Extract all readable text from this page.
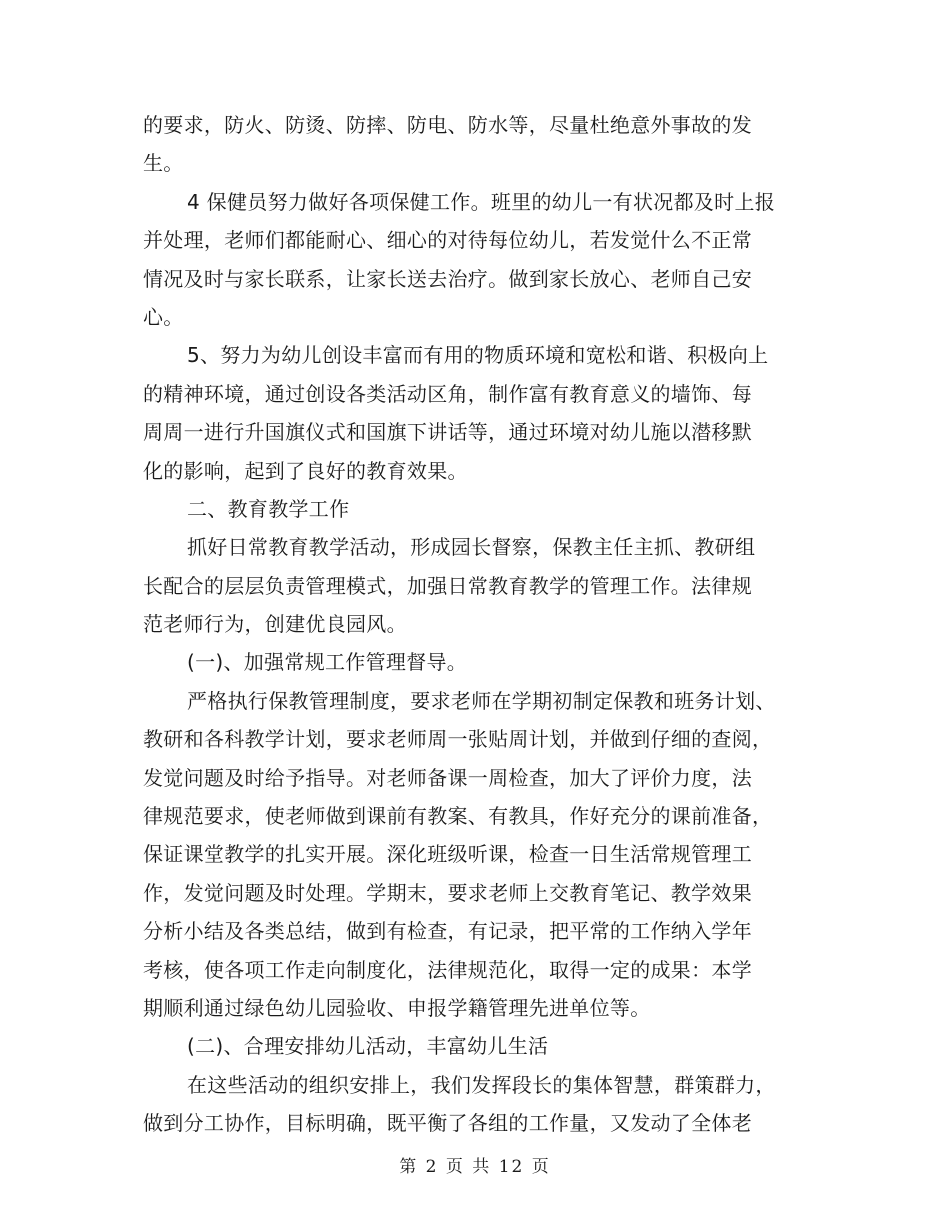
的要求，防火、防烫、防摔、防电、防水等，尽量杜绝意外事故的发
生。
4 保健员努力做好各项保健工作。班里的幼儿一有状况都及时上报
并处理，老师们都能耐心、细心的对待每位幼儿，若发觉什么不正常
情况及时与家长联系，让家长送去治疗。做到家长放心、老师自己安
心。
5、努力为幼儿创设丰富而有用的物质环境和宽松和谐、积极向上
的精神环境，通过创设各类活动区角，制作富有教育意义的墙饰、每
周周一进行升国旗仪式和国旗下讲话等，通过环境对幼儿施以潜移默
化的影响，起到了良好的教育效果。
二、教育教学工作
抓好日常教育教学活动，形成园长督察，保教主任主抓、教研组
长配合的层层负责管理模式，加强日常教育教学的管理工作。法律规
范老师行为，创建优良园风。
(一)、加强常规工作管理督导。
严格执行保教管理制度，要求老师在学期初制定保教和班务计划、
教研和各科教学计划，要求老师周一张贴周计划，并做到仔细的查阅，
发觉问题及时给予指导。对老师备课一周检查，加大了评价力度，法
律规范要求，使老师做到课前有教案、有教具，作好充分的课前准备，
保证课堂教学的扎实开展。深化班级听课，检查一日生活常规管理工
作，发觉问题及时处理。学期末，要求老师上交教育笔记、教学效果
分析小结及各类总结，做到有检查，有记录，把平常的工作纳入学年
考核，使各项工作走向制度化，法律规范化，取得一定的成果：本学
期顺利通过绿色幼儿园验收、申报学籍管理先进单位等。
(二)、合理安排幼儿活动，丰富幼儿生活
在这些活动的组织安排上，我们发挥段长的集体智慧，群策群力，
做到分工协作，目标明确，既平衡了各组的工作量，又发动了全体老
第 2 页 共 12 页
